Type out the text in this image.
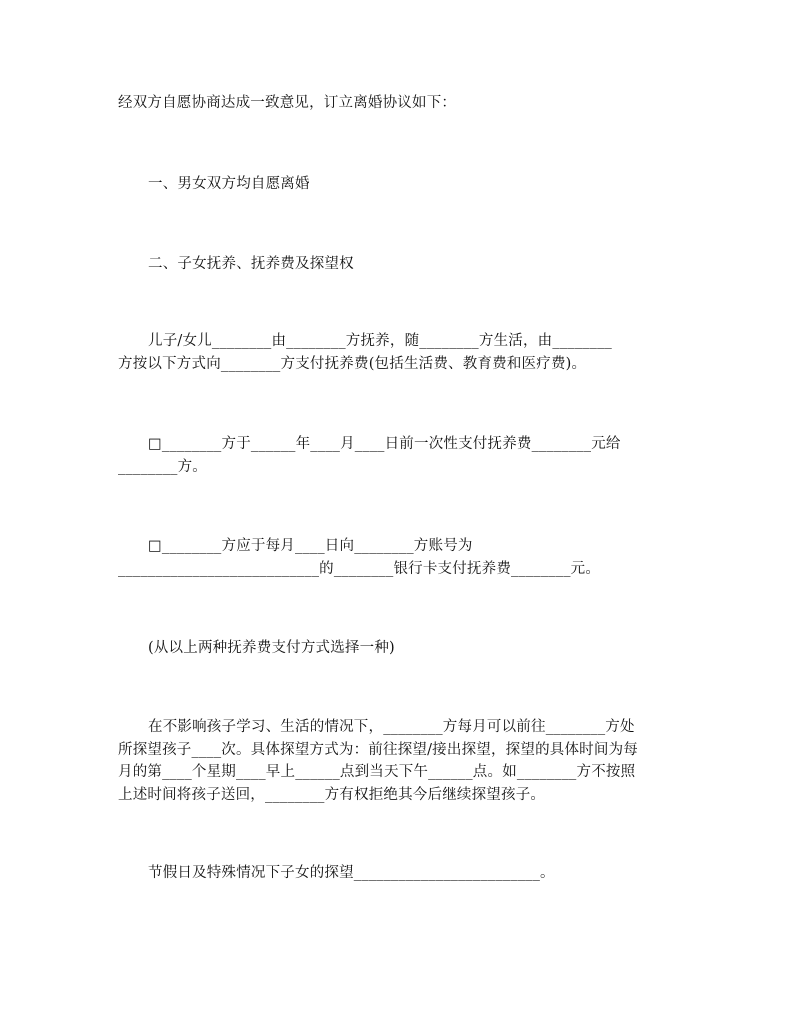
经双方自愿协商达成一致意见，订立离婚协议如下：
一、男女双方均自愿离婚
二、子女抚养、抚养费及探望权
儿子/女儿________由________方抚养，随________方生活，由________
方按以下方式向________方支付抚养费(包括生活费、教育费和医疗费)。
□________方于______年____月____日前一次性支付抚养费________元给
________方。
□________方应于每月____日向________方账号为
___________________________的________银行卡支付抚养费________元。
(从以上两种抚养费支付方式选择一种)
在不影响孩子学习、生活的情况下，________方每月可以前往________方处
所探望孩子____次。具体探望方式为：前往探望/接出探望，探望的具体时间为每
月的第____个星期____早上______点到当天下午______点。如________方不按照
上述时间将孩子送回，________方有权拒绝其今后继续探望孩子。
节假日及特殊情况下子女的探望_________________________。
